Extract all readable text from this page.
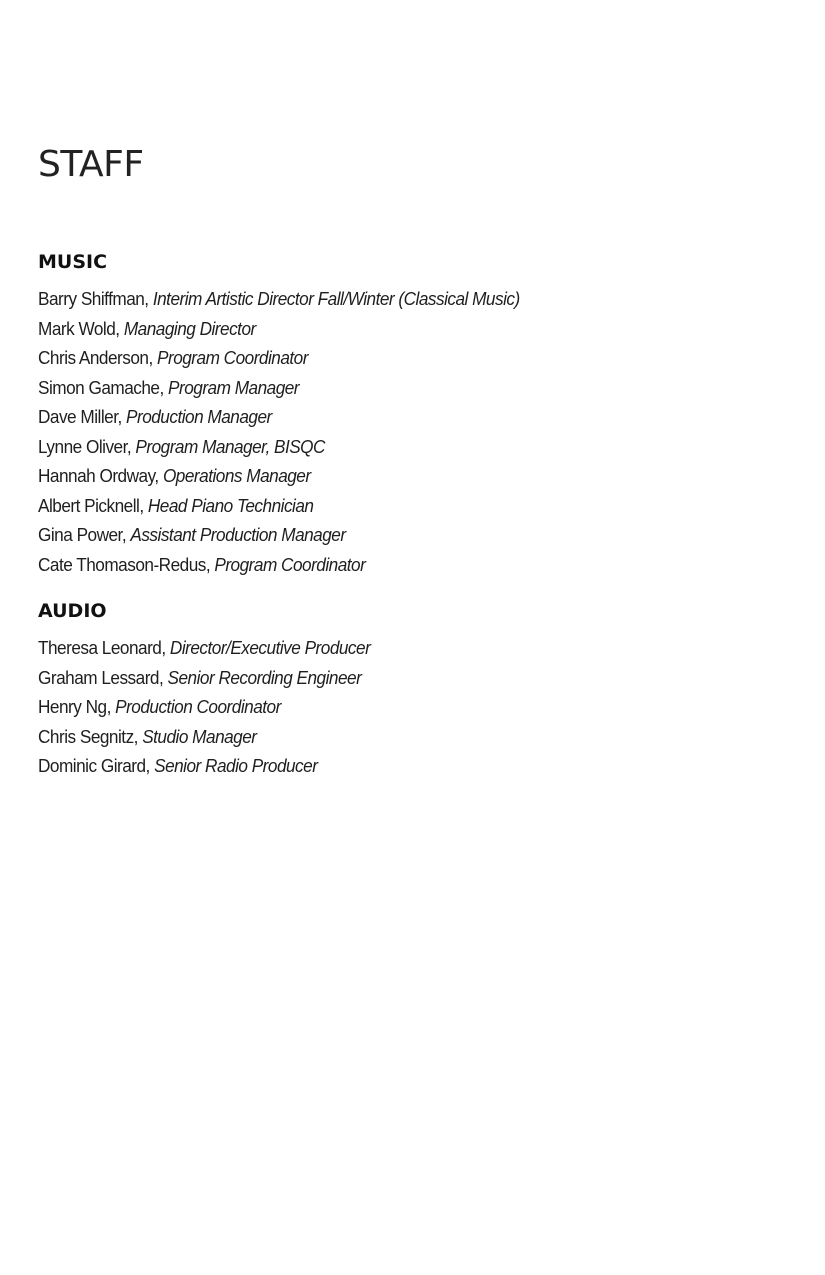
STAFF
MUSIC
Barry Shiffman, Interim Artistic Director Fall/Winter (Classical Music)
Mark Wold, Managing Director
Chris Anderson, Program Coordinator
Simon Gamache, Program Manager
Dave Miller, Production Manager
Lynne Oliver, Program Manager, BISQC
Hannah Ordway, Operations Manager
Albert Picknell, Head Piano Technician
Gina Power, Assistant Production Manager
Cate Thomason-Redus, Program Coordinator
AUDIO
Theresa Leonard, Director/Executive Producer
Graham Lessard, Senior Recording Engineer
Henry Ng, Production Coordinator
Chris Segnitz, Studio Manager
Dominic Girard, Senior Radio Producer
